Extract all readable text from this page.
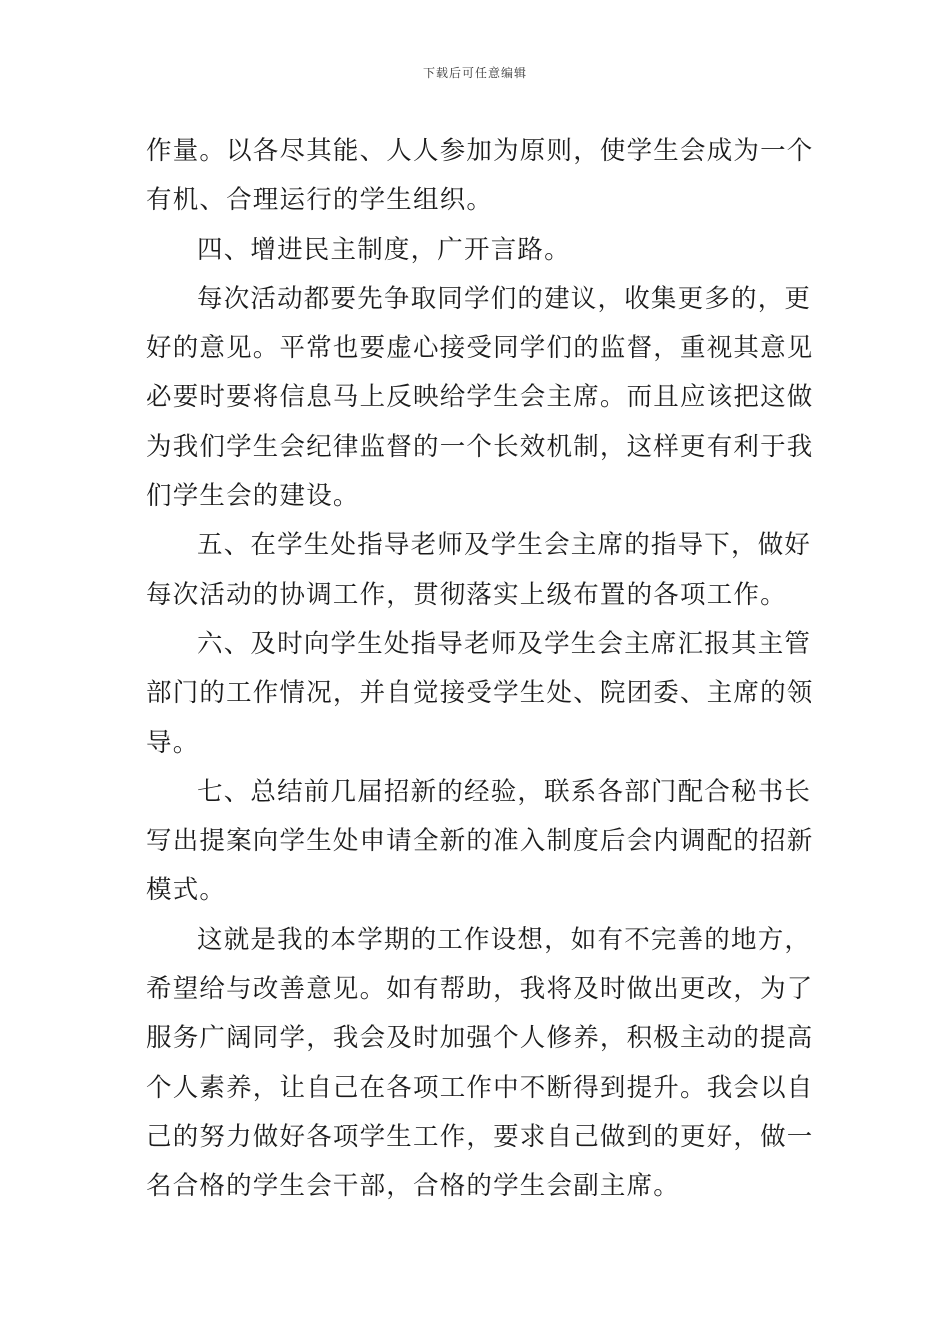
下载后可任意编辑
作量。以各尽其能、人人参加为原则，使学生会成为一个
有机、合理运行的学生组织。
四、增进民主制度，广开言路。
每次活动都要先争取同学们的建议，收集更多的，更
好的意见。平常也要虚心接受同学们的监督，重视其意见
必要时要将信息马上反映给学生会主席。而且应该把这做
为我们学生会纪律监督的一个长效机制，这样更有利于我
们学生会的建设。
五、在学生处指导老师及学生会主席的指导下，做好
每次活动的协调工作，贯彻落实上级布置的各项工作。
六、及时向学生处指导老师及学生会主席汇报其主管
部门的工作情况，并自觉接受学生处、院团委、主席的领
导。
七、总结前几届招新的经验，联系各部门配合秘书长
写出提案向学生处申请全新的准入制度后会内调配的招新
模式。
这就是我的本学期的工作设想，如有不完善的地方，
希望给与改善意见。如有帮助，我将及时做出更改，为了
服务广阔同学，我会及时加强个人修养，积极主动的提高
个人素养，让自己在各项工作中不断得到提升。我会以自
己的努力做好各项学生工作，要求自己做到的更好，做一
名合格的学生会干部，合格的学生会副主席。
